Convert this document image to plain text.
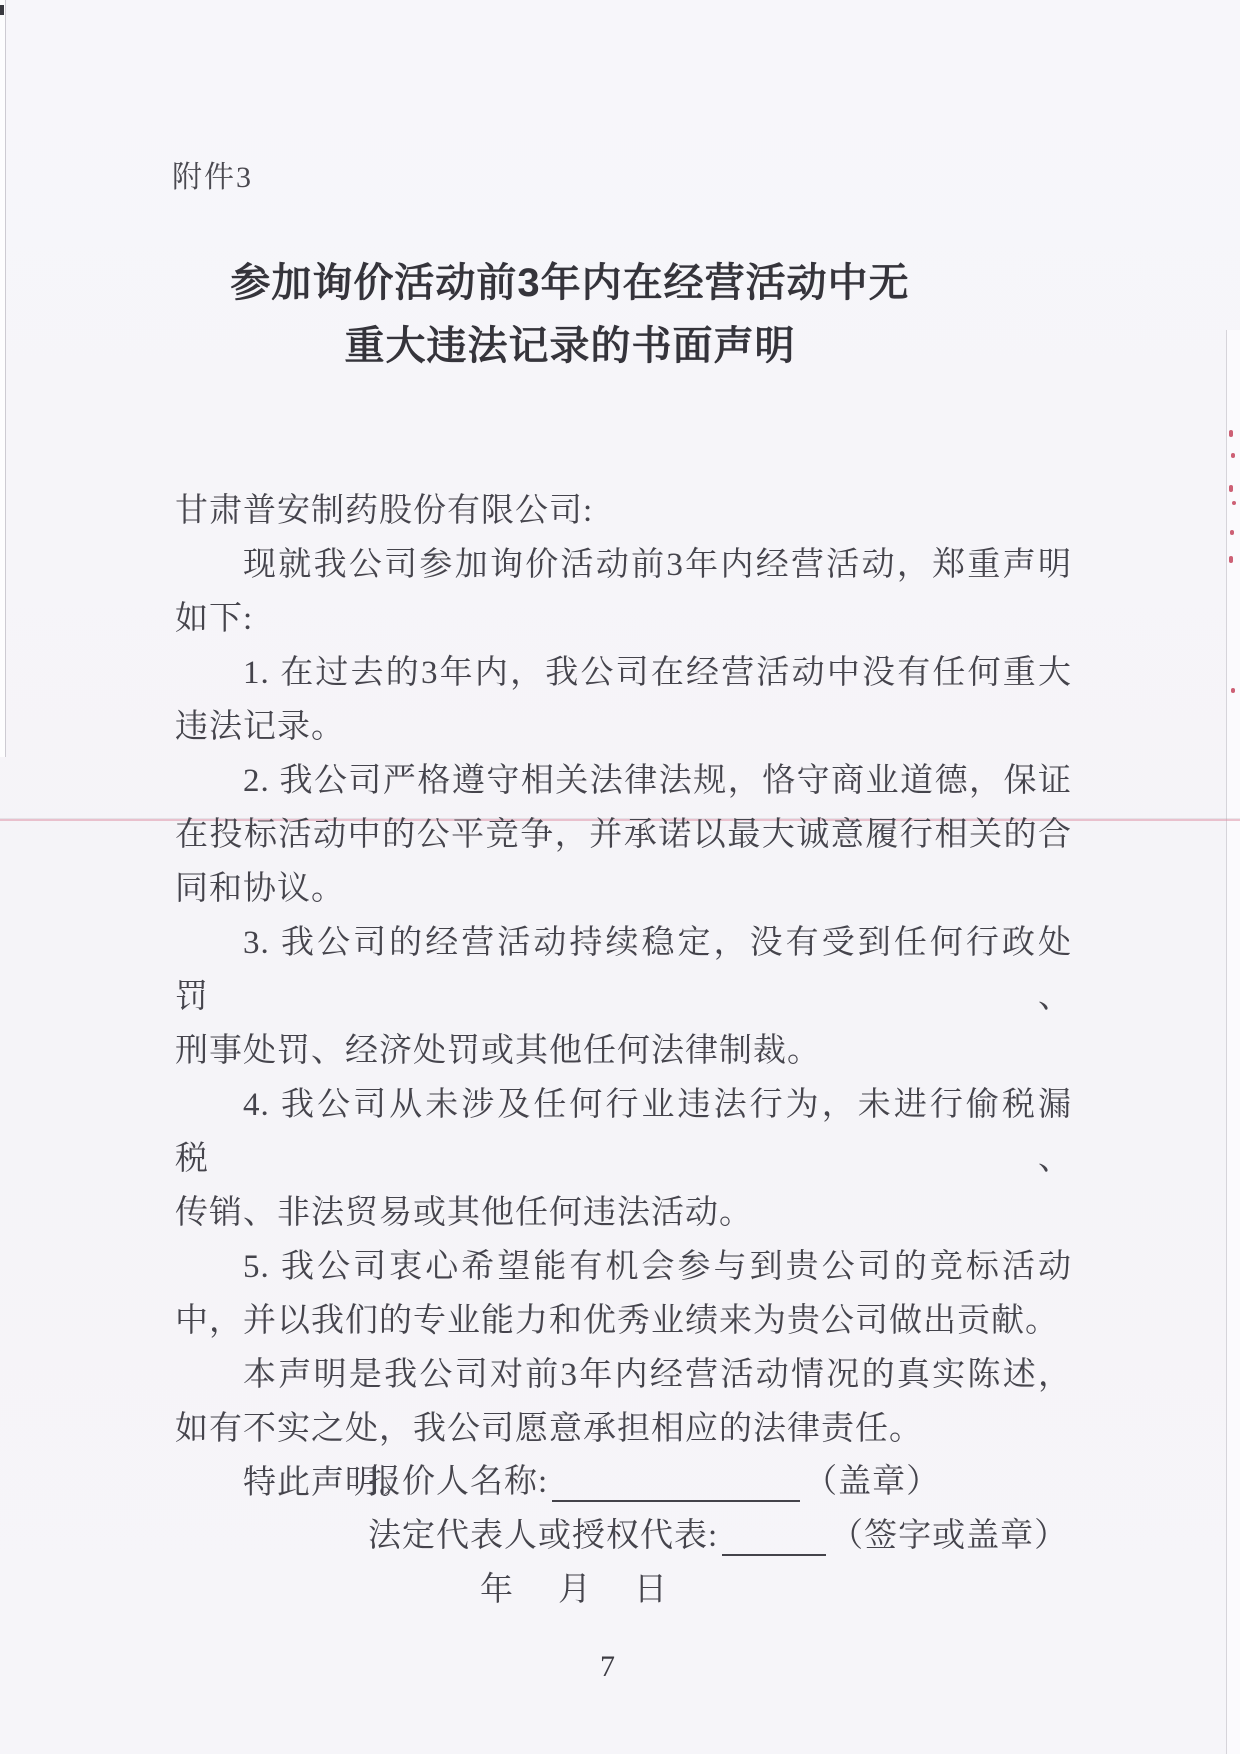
附件3
参加询价活动前3年内在经营活动中无
重大违法记录的书面声明
甘肃普安制药股份有限公司:
现就我公司参加询价活动前3年内经营活动，郑重声明
如下:
1. 在过去的3年内，我公司在经营活动中没有任何重大
违法记录。
2. 我公司严格遵守相关法律法规，恪守商业道德，保证
在投标活动中的公平竞争，并承诺以最大诚意履行相关的合
同和协议。
3. 我公司的经营活动持续稳定，没有受到任何行政处罚、
刑事处罚、经济处罚或其他任何法律制裁。
4. 我公司从未涉及任何行业违法行为，未进行偷税漏税、
传销、非法贸易或其他任何违法活动。
5. 我公司衷心希望能有机会参与到贵公司的竞标活动
中，并以我们的专业能力和优秀业绩来为贵公司做出贡献。
本声明是我公司对前3年内经营活动情况的真实陈述，
如有不实之处，我公司愿意承担相应的法律责任。
特此声明。
报价人名称:	（盖章）
法定代表人或授权代表:	（签字或盖章）
年 月 日
7
